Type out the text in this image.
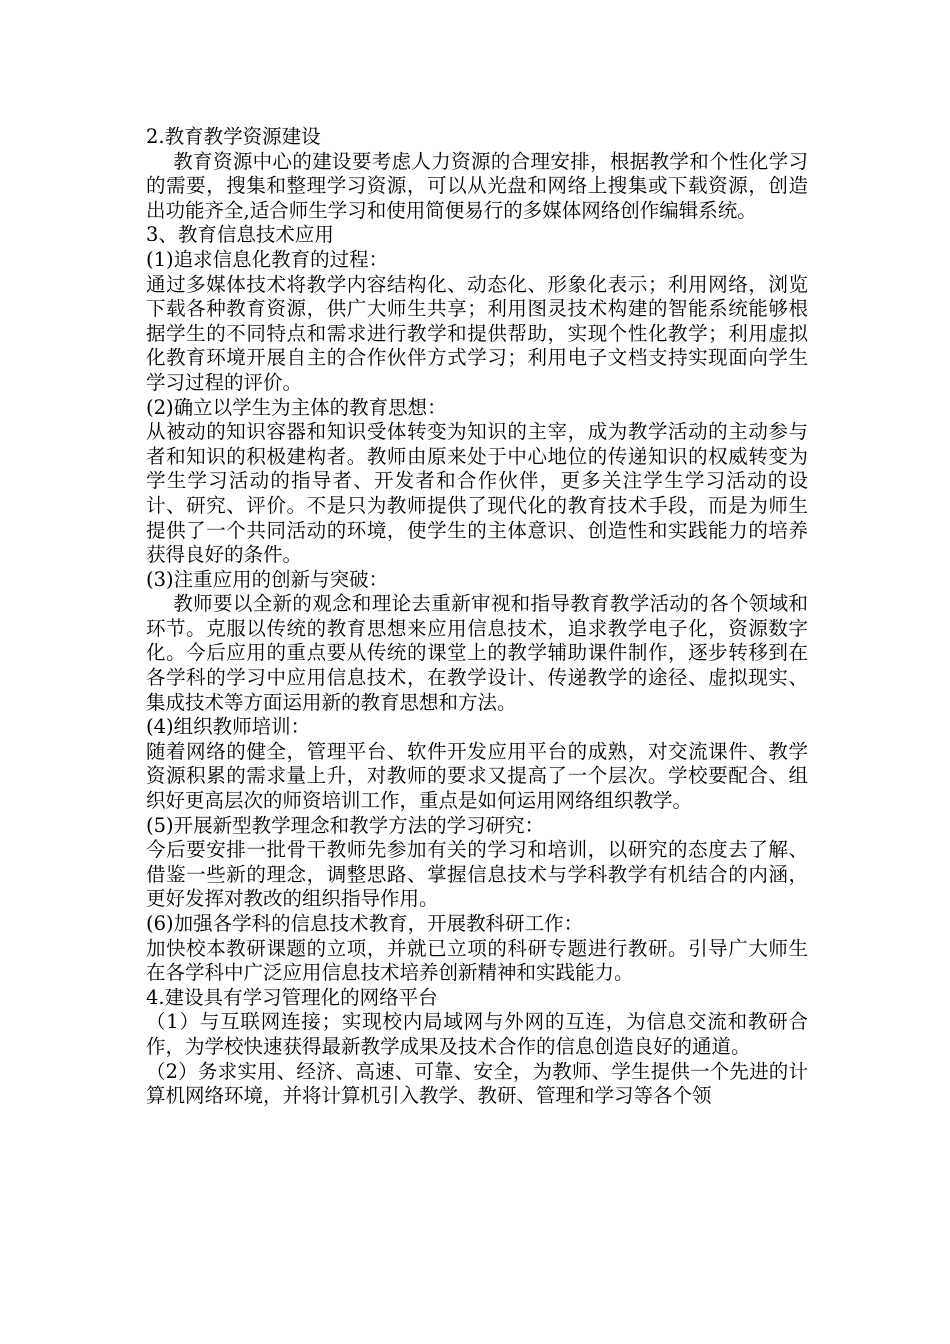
2.教育教学资源建设

教育资源中心的建设要考虑人力资源的合理安排，根据教学和个性化学习的需要，搜集和整理学习资源，可以从光盘和网络上搜集或下载资源，创造出功能齐全,适合师生学习和使用简便易行的多媒体网络创作编辑系统。

3、教育信息技术应用

(1)追求信息化教育的过程：

通过多媒体技术将教学内容结构化、动态化、形象化表示；利用网络，浏览下载各种教育资源，供广大师生共享；利用图灵技术构建的智能系统能够根据学生的不同特点和需求进行教学和提供帮助，实现个性化教学；利用虚拟化教育环境开展自主的合作伙伴方式学习；利用电子文档支持实现面向学生学习过程的评价。

(2)确立以学生为主体的教育思想：

从被动的知识容器和知识受体转变为知识的主宰，成为教学活动的主动参与者和知识的积极建构者。教师由原来处于中心地位的传递知识的权威转变为学生学习活动的指导者、开发者和合作伙伴，更多关注学生学习活动的设计、研究、评价。不是只为教师提供了现代化的教育技术手段，而是为师生提供了一个共同活动的环境，使学生的主体意识、创造性和实践能力的培养获得良好的条件。

(3)注重应用的创新与突破：

教师要以全新的观念和理论去重新审视和指导教育教学活动的各个领域和环节。克服以传统的教育思想来应用信息技术，追求教学电子化，资源数字化。今后应用的重点要从传统的课堂上的教学辅助课件制作，逐步转移到在各学科的学习中应用信息技术，在教学设计、传递教学的途径、虚拟现实、集成技术等方面运用新的教育思想和方法。

(4)组织教师培训：

随着网络的健全，管理平台、软件开发应用平台的成熟，对交流课件、教学资源积累的需求量上升，对教师的要求又提高了一个层次。学校要配合、组织好更高层次的师资培训工作，重点是如何运用网络组织教学。

(5)开展新型教学理念和教学方法的学习研究：

今后要安排一批骨干教师先参加有关的学习和培训，以研究的态度去了解、借鉴一些新的理念，调整思路、掌握信息技术与学科教学有机结合的内涵，更好发挥对教改的组织指导作用。

(6)加强各学科的信息技术教育，开展教科研工作：

加快校本教研课题的立项，并就已立项的科研专题进行教研。引导广大师生在各学科中广泛应用信息技术培养创新精神和实践能力。

4.建设具有学习管理化的网络平台

（1）与互联网连接；实现校内局域网与外网的互连，为信息交流和教研合作，为学校快速获得最新教学成果及技术合作的信息创造良好的通道。

（2）务求实用、经济、高速、可靠、安全，为教师、学生提供一个先进的计算机网络环境，并将计算机引入教学、教研、管理和学习等各个领
